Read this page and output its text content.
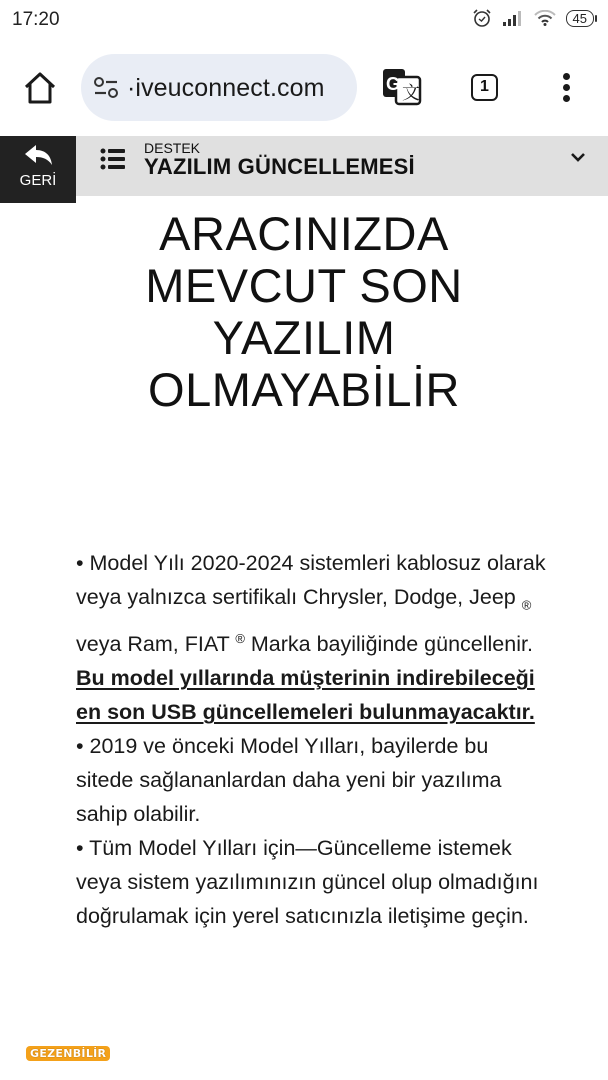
17:20	45
·iveuconnect.com	G 文	1
GERİ
DESTEK
YAZILIM GÜNCELLEMESİ
ARACINIZDA
MEVCUT SON
YAZILIM
OLMAYABİLİR

• Model Yılı 2020-2024 sistemleri kablosuz olarak veya yalnızca sertifikalı Chrysler, Dodge, Jeep $_®$ veya Ram, FIAT ® Marka bayiliğinde güncellenir. Bu model yıllarında müşterinin indirebileceği en son USB güncellemeleri bulunmayacaktır.

• 2019 ve önceki Model Yılları, bayilerde bu sitede sağlananlardan daha yeni bir yazılıma sahip olabilir.

• Tüm Model Yılları için—Güncelleme istemek veya sistem yazılımınızın güncel olup olmadığını doğrulamak için yerel satıcınızla iletişime geçin.

GEZENBİLİR
